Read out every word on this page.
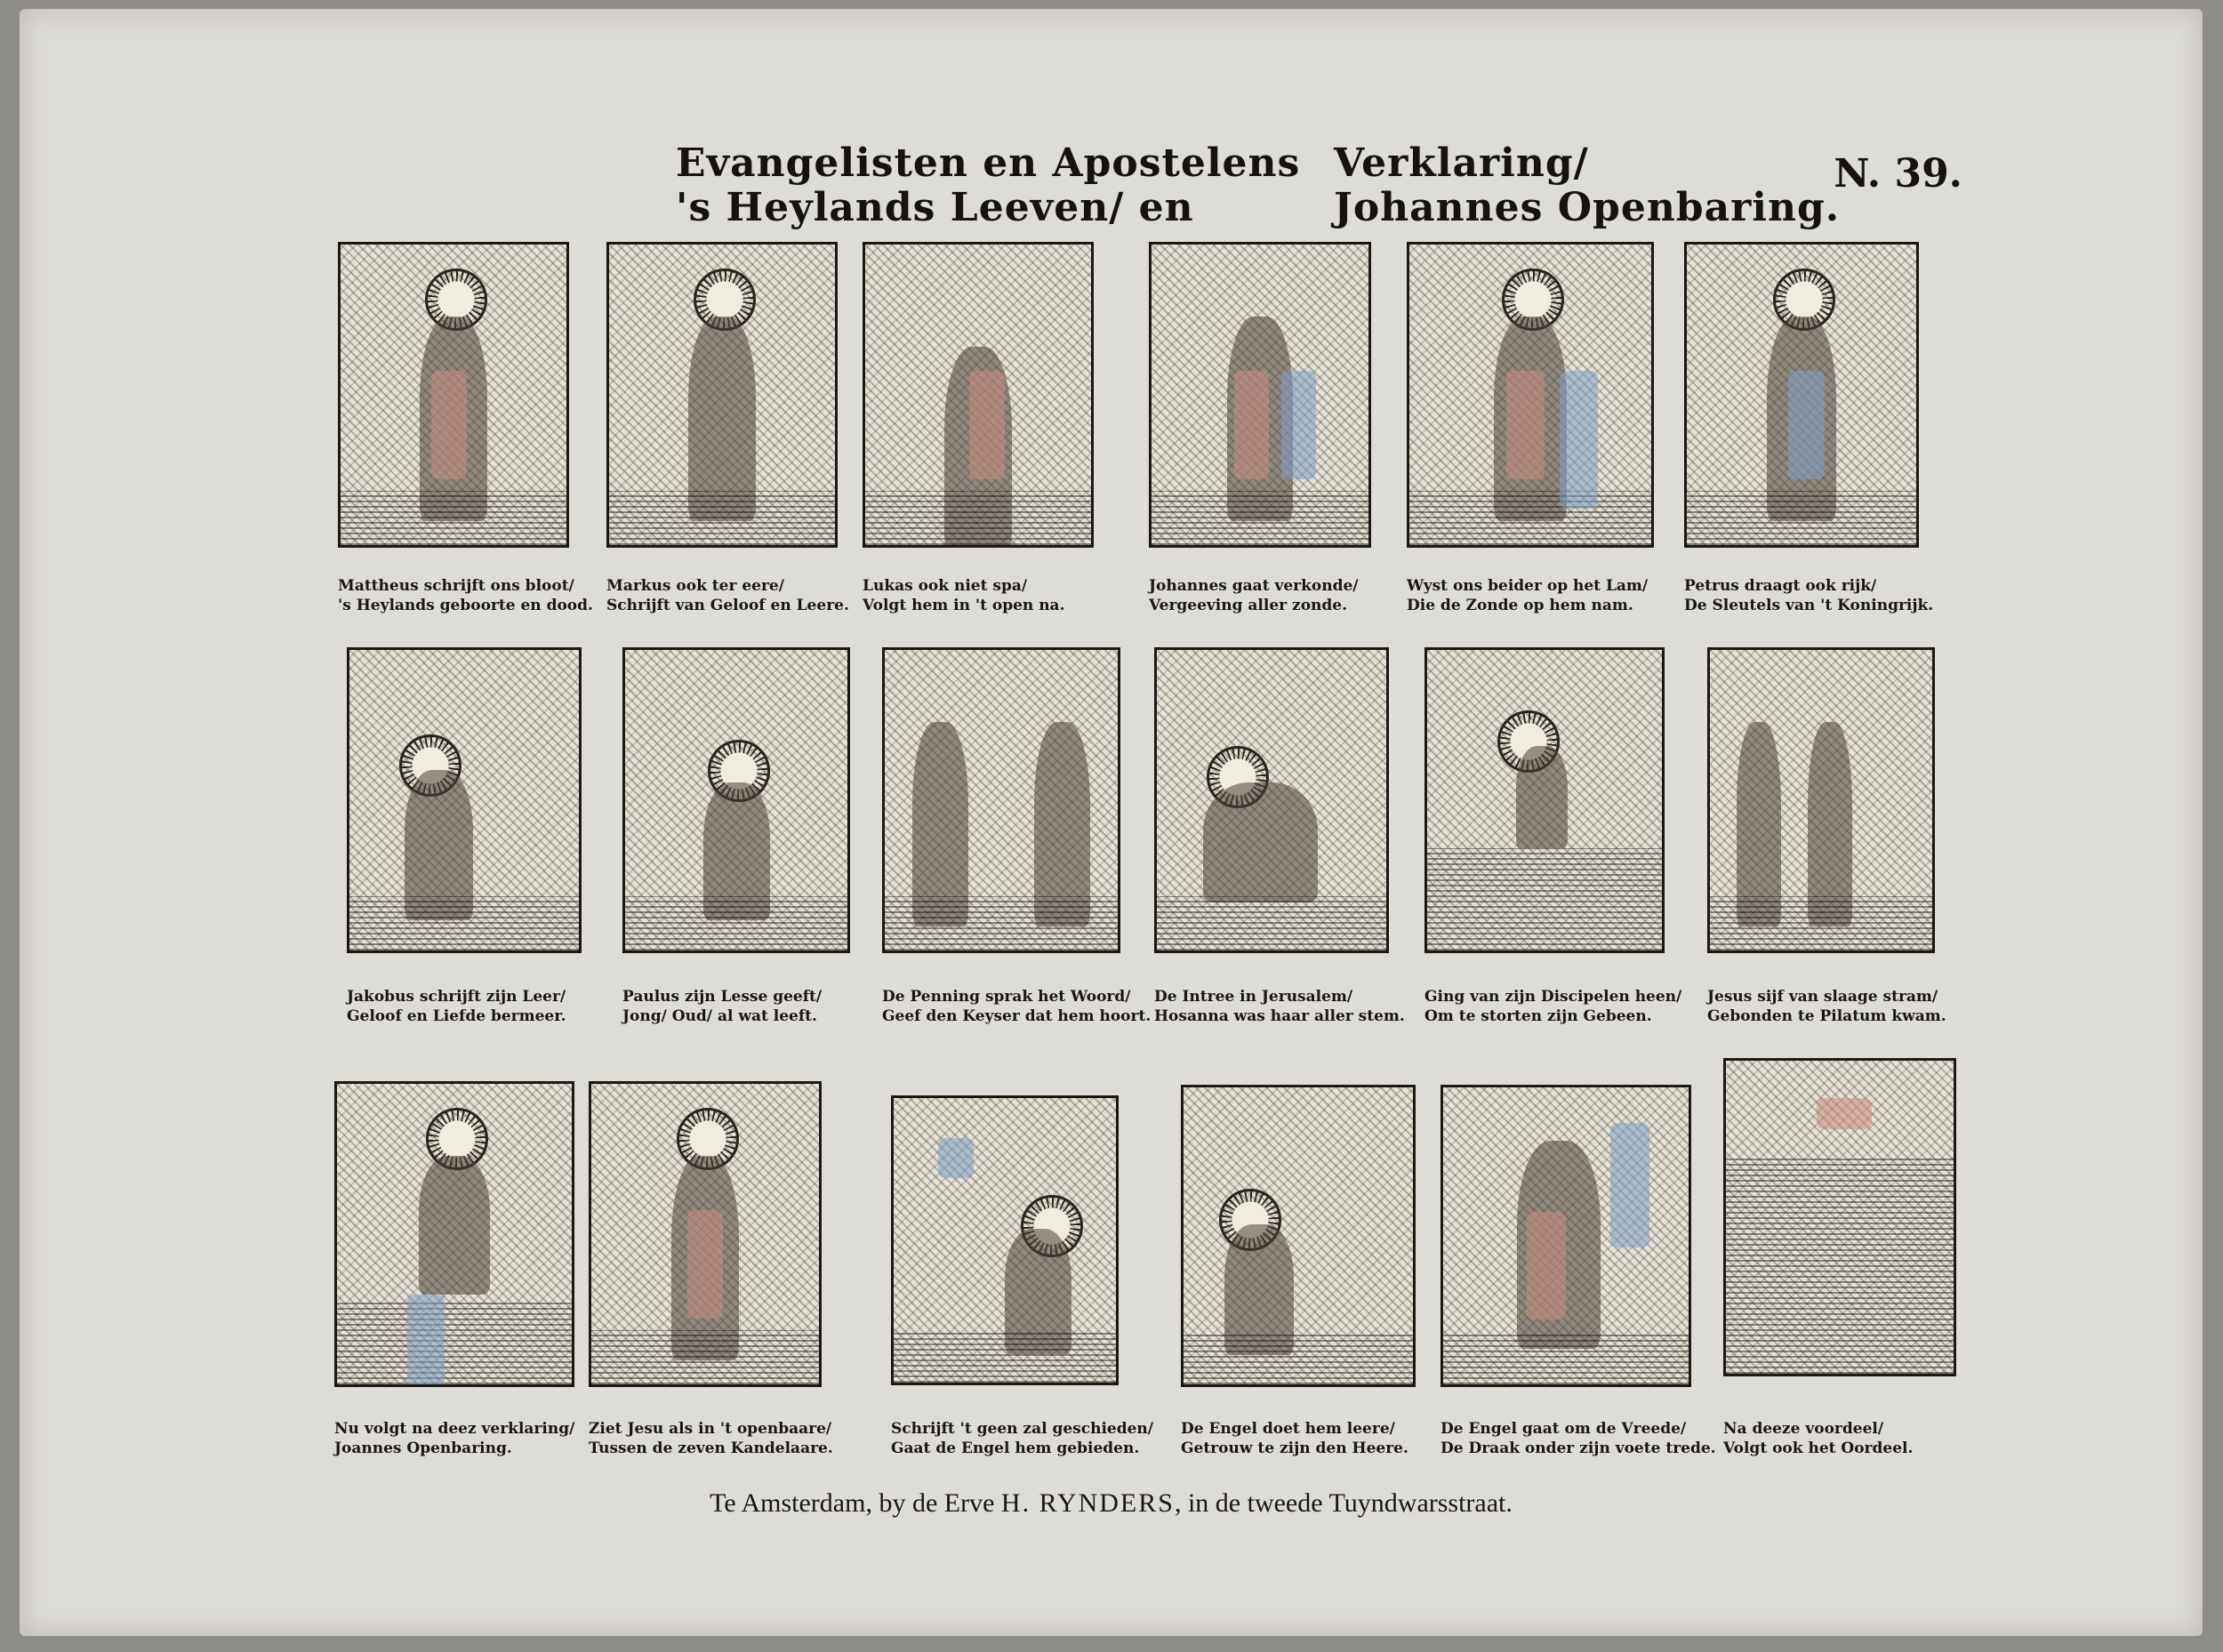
Evangelisten en Apostelens
's Heylands Leeven/ en
Verklaring/
Johannes Openbaring.
N. 39.
Mattheus schrijft ons bloot/
's Heylands geboorte en dood.
Markus ook ter eere/
Schrijft van Geloof en Leere.
Lukas ook niet spa/
Volgt hem in 't open na.
Johannes gaat verkonde/
Vergeeving aller zonde.
Wyst ons beider op het Lam/
Die de Zonde op hem nam.
Petrus draagt ook rijk/
De Sleutels van 't Koningrijk.
Jakobus schrijft zijn Leer/
Geloof en Liefde bermeer.
Paulus zijn Lesse geeft/
Jong/ Oud/ al wat leeft.
De Penning sprak het Woord/
Geef den Keyser dat hem hoort.
De Intree in Jerusalem/
Hosanna was haar aller stem.
Ging van zijn Discipelen heen/
Om te storten zijn Gebeen.
Jesus sijf van slaage stram/
Gebonden te Pilatum kwam.
Nu volgt na deez verklaring/
Joannes Openbaring.
Ziet Jesu als in 't openbaare/
Tussen de zeven Kandelaare.
Schrijft 't geen zal geschieden/
Gaat de Engel hem gebieden.
De Engel doet hem leere/
Getrouw te zijn den Heere.
De Engel gaat om de Vreede/
De Draak onder zijn voete trede.
Na deeze voordeel/
Volgt ook het Oordeel.
Te Amsterdam, by de Erve H. RYNDERS, in de tweede Tuyndwarsstraat.
